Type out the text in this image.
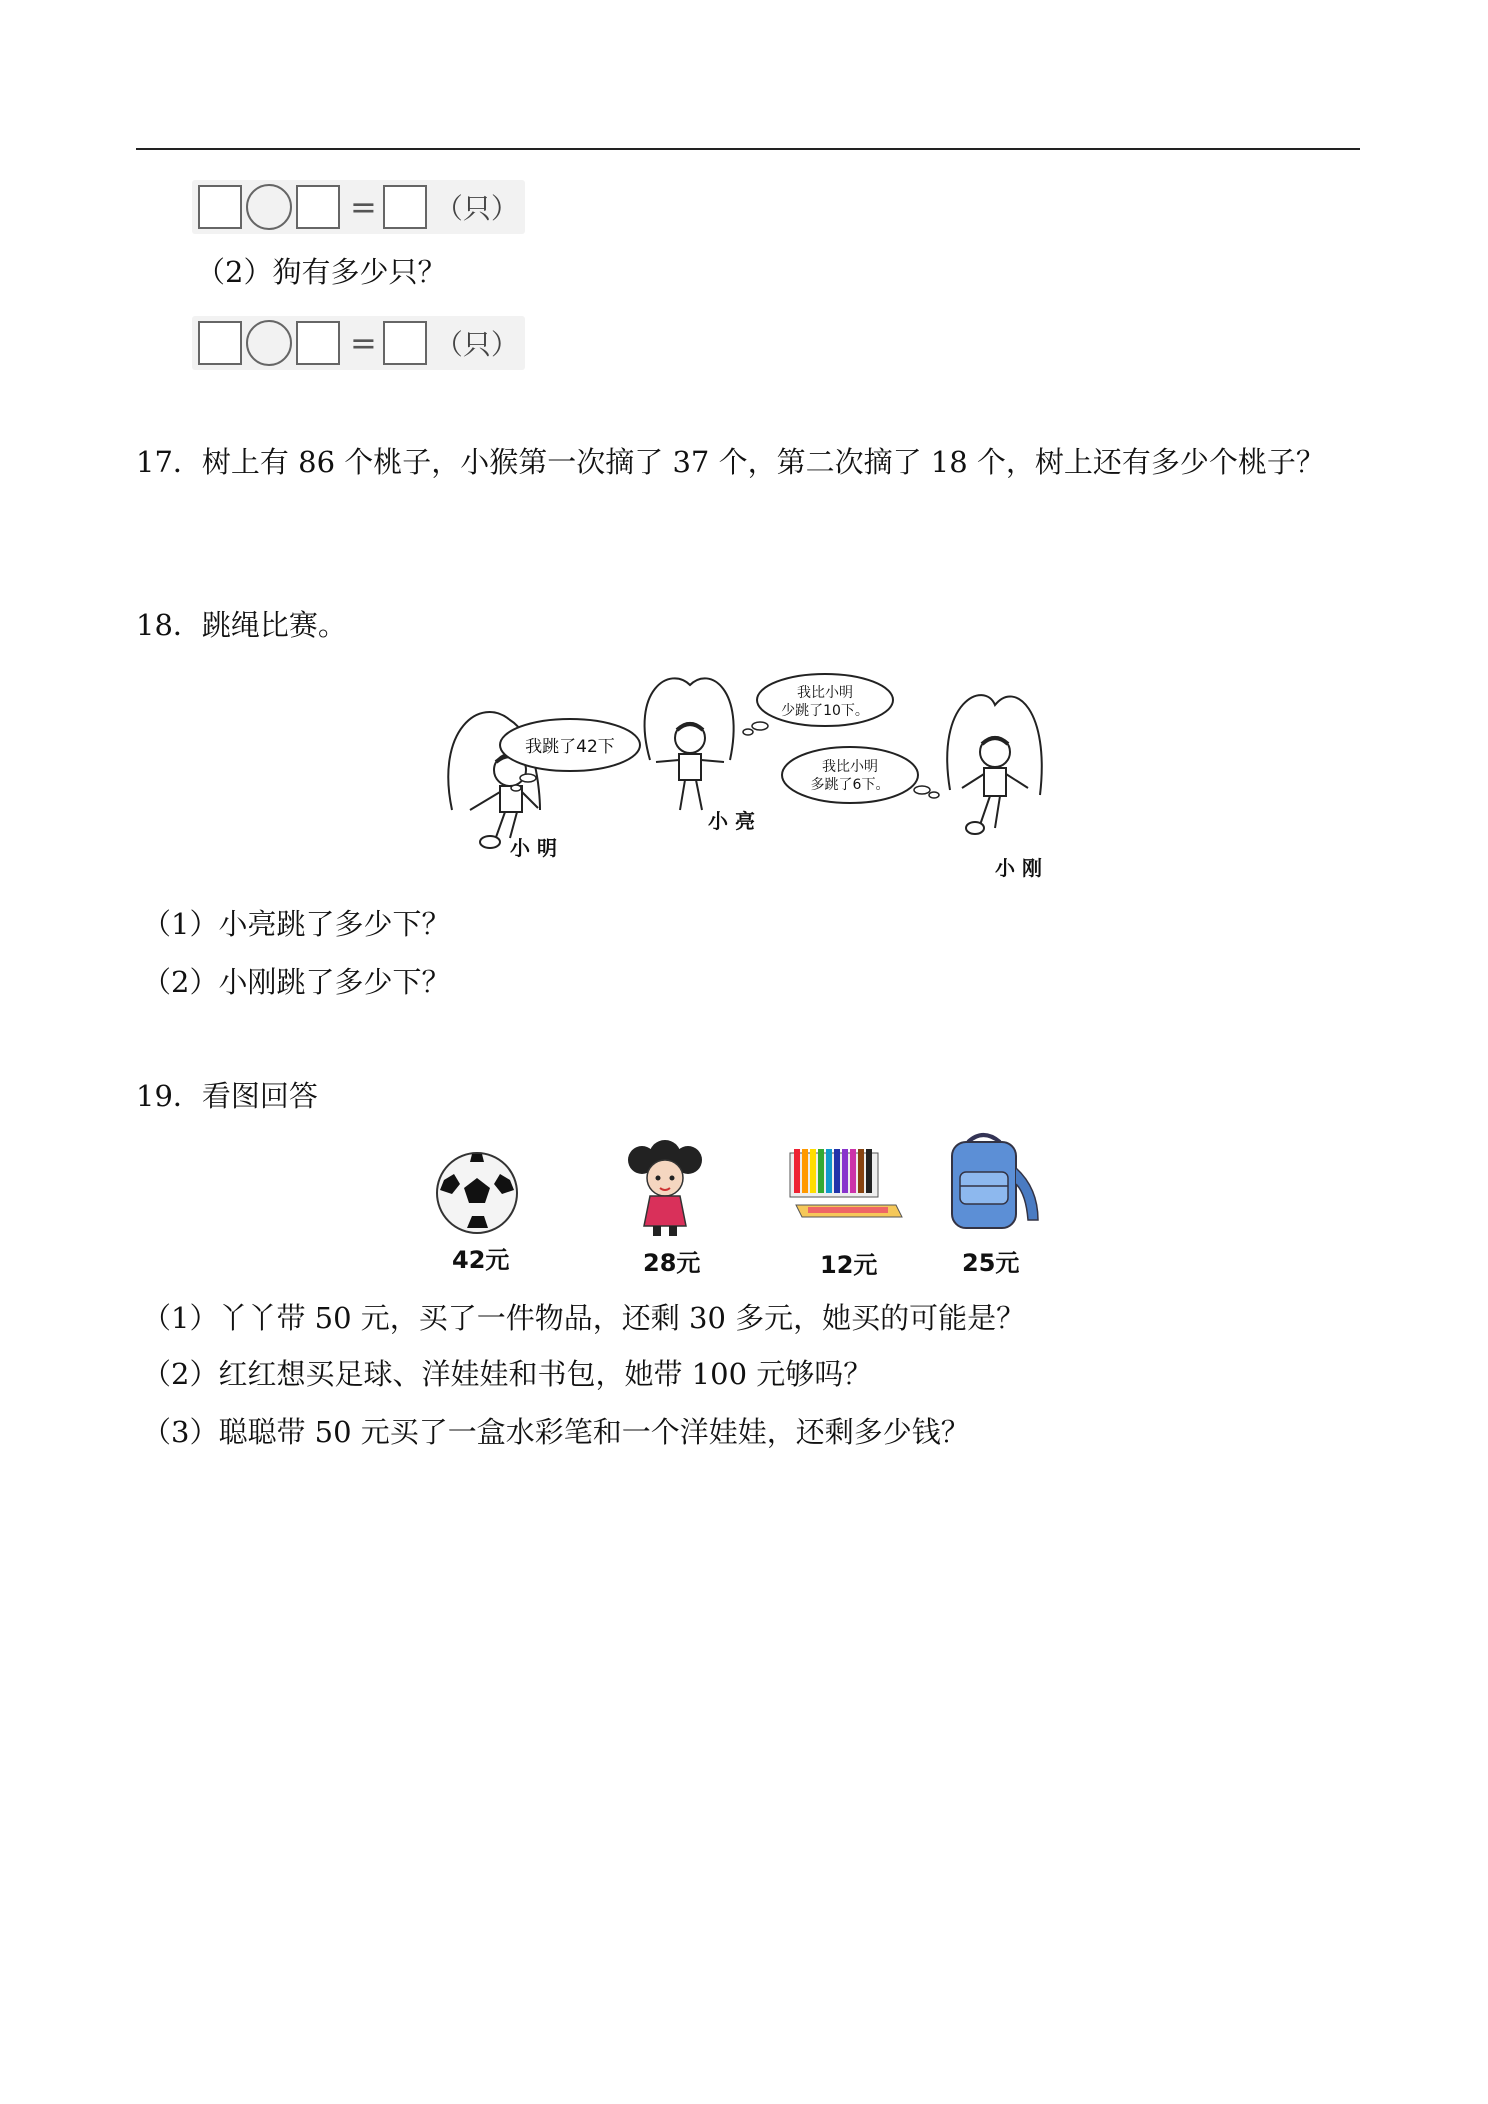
= （只）
（2）狗有多少只？
= （只）
17．树上有 86 个桃子，小猴第一次摘了 37 个，第二次摘了 18 个，树上还有多少个桃子？
18．跳绳比赛。
我跳了42下
小 明
我比小明
少跳了10下。
小 亮
我比小明
多跳了6下。
小 刚
（1）小亮跳了多少下？
（2）小刚跳了多少下？
19．看图回答
42元	28元	12元	25元
（1）丫丫带 50 元，买了一件物品，还剩 30 多元，她买的可能是？
（2）红红想买足球、洋娃娃和书包，她带 100 元够吗？
（3）聪聪带 50 元买了一盒水彩笔和一个洋娃娃，还剩多少钱？
